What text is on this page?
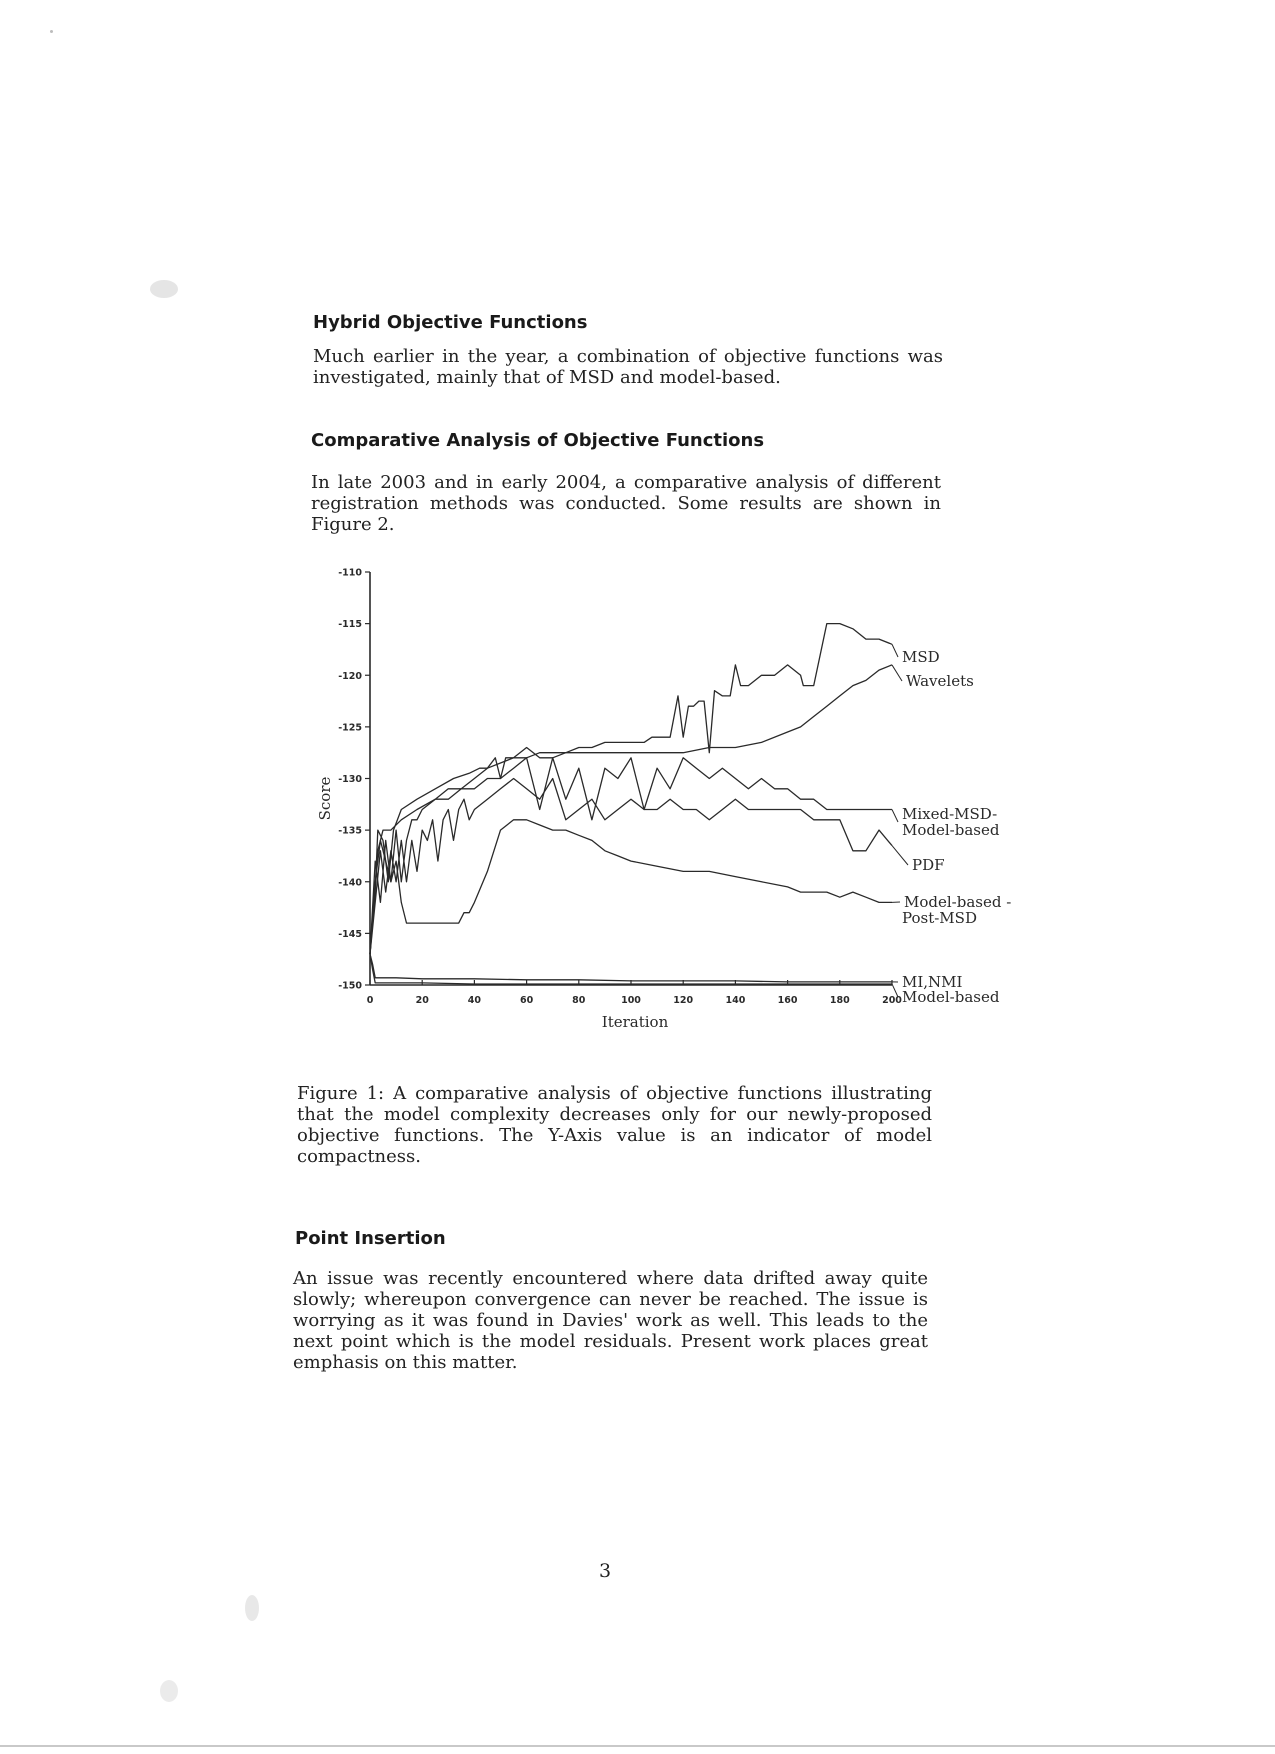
Hybrid Objective Functions

Much earlier in the year, a combination of objective functions was investigated, mainly that of MSD and model-based.

Comparative Analysis of Objective Functions

In late 2003 and in early 2004, a comparative analysis of different registration methods was conducted. Some results are shown in Figure 2.

-110
-115
-120
-125
-130
-135
-140
-145
-150
0	20	40	60	80	100	120	140	160	180	200
Iteration
Score
MSD
Wavelets
Mixed-MSD-
Model-based
PDF
Model-based -
Post-MSD
MI,NMI
Model-based

Figure 1: A comparative analysis of objective functions illustrating that the model complexity decreases only for our newly-proposed objective functions. The Y-Axis value is an indicator of model compactness.

Point Insertion

An issue was recently encountered where data drifted away quite slowly; whereupon convergence can never be reached. The issue is worrying as it was found in Davies' work as well. This leads to the next point which is the model residuals. Present work places great emphasis on this matter.

3
